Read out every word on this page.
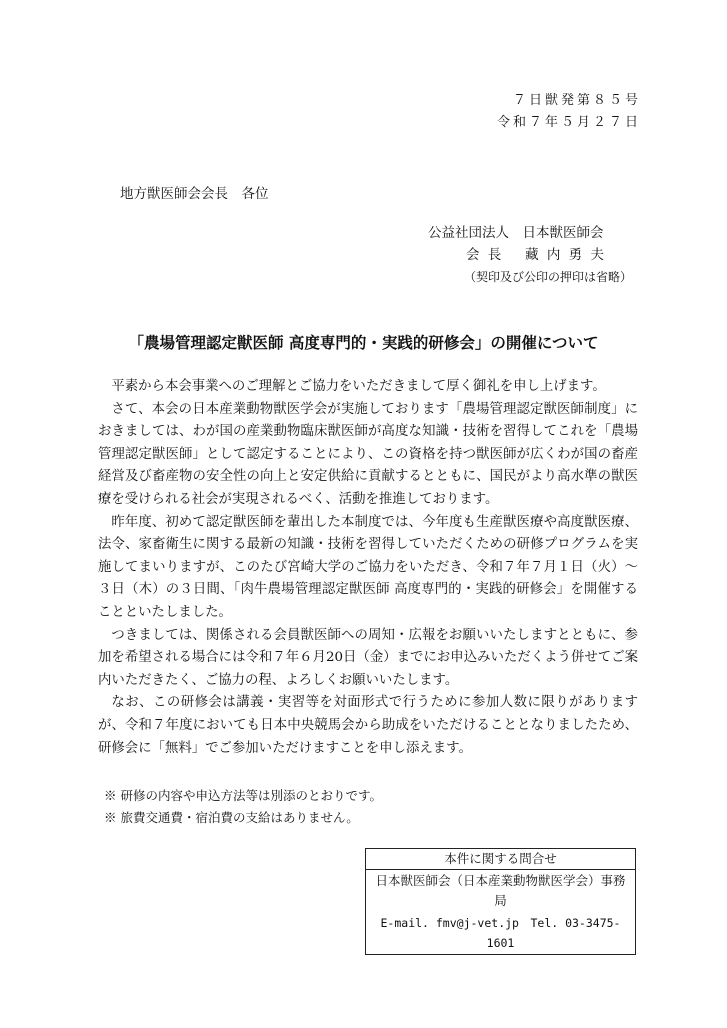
７日獣発第８５号
令和７年５月２７日
地方獣医師会会長　各位
公益社団法人　日本獣医師会
会 長　 藏 内 勇 夫
（契印及び公印の押印は省略）
「農場管理認定獣医師 高度専門的・実践的研修会」の開催について

平素から本会事業へのご理解とご協力をいただきまして厚く御礼を申し上げます。

さて、本会の日本産業動物獣医学会が実施しております「農場管理認定獣医師制度」におきましては、わが国の産業動物臨床獣医師が高度な知識・技術を習得してこれを「農場管理認定獣医師」として認定することにより、この資格を持つ獣医師が広くわが国の畜産経営及び畜産物の安全性の向上と安定供給に貢献するとともに、国民がより高水準の獣医療を受けられる社会が実現されるべく、活動を推進しております。

昨年度、初めて認定獣医師を輩出した本制度では、今年度も生産獣医療や高度獣医療、法令、家畜衛生に関する最新の知識・技術を習得していただくための研修プログラムを実施してまいりますが、このたび宮崎大学のご協力をいただき、令和７年７月１日（火）～３日（木）の３日間、「肉牛農場管理認定獣医師 高度専門的・実践的研修会」を開催することといたしました。

つきましては、関係される会員獣医師への周知・広報をお願いいたしますとともに、参加を希望される場合には令和７年６月20日（金）までにお申込みいただくよう併せてご案内いただきたく、ご協力の程、よろしくお願いいたします。

なお、この研修会は講義・実習等を対面形式で行うために参加人数に限りがありますが、令和７年度においても日本中央競馬会から助成をいただけることとなりましたため、研修会に「無料」でご参加いただけますことを申し添えます。

※ 研修の内容や申込方法等は別添のとおりです。
※ 旅費交通費・宿泊費の支給はありません。
本件に関する問合せ
日本獣医師会（日本産業動物獣医学会）事務局
E-mail. fmv@j-vet.jp　Tel. 03-3475-1601
